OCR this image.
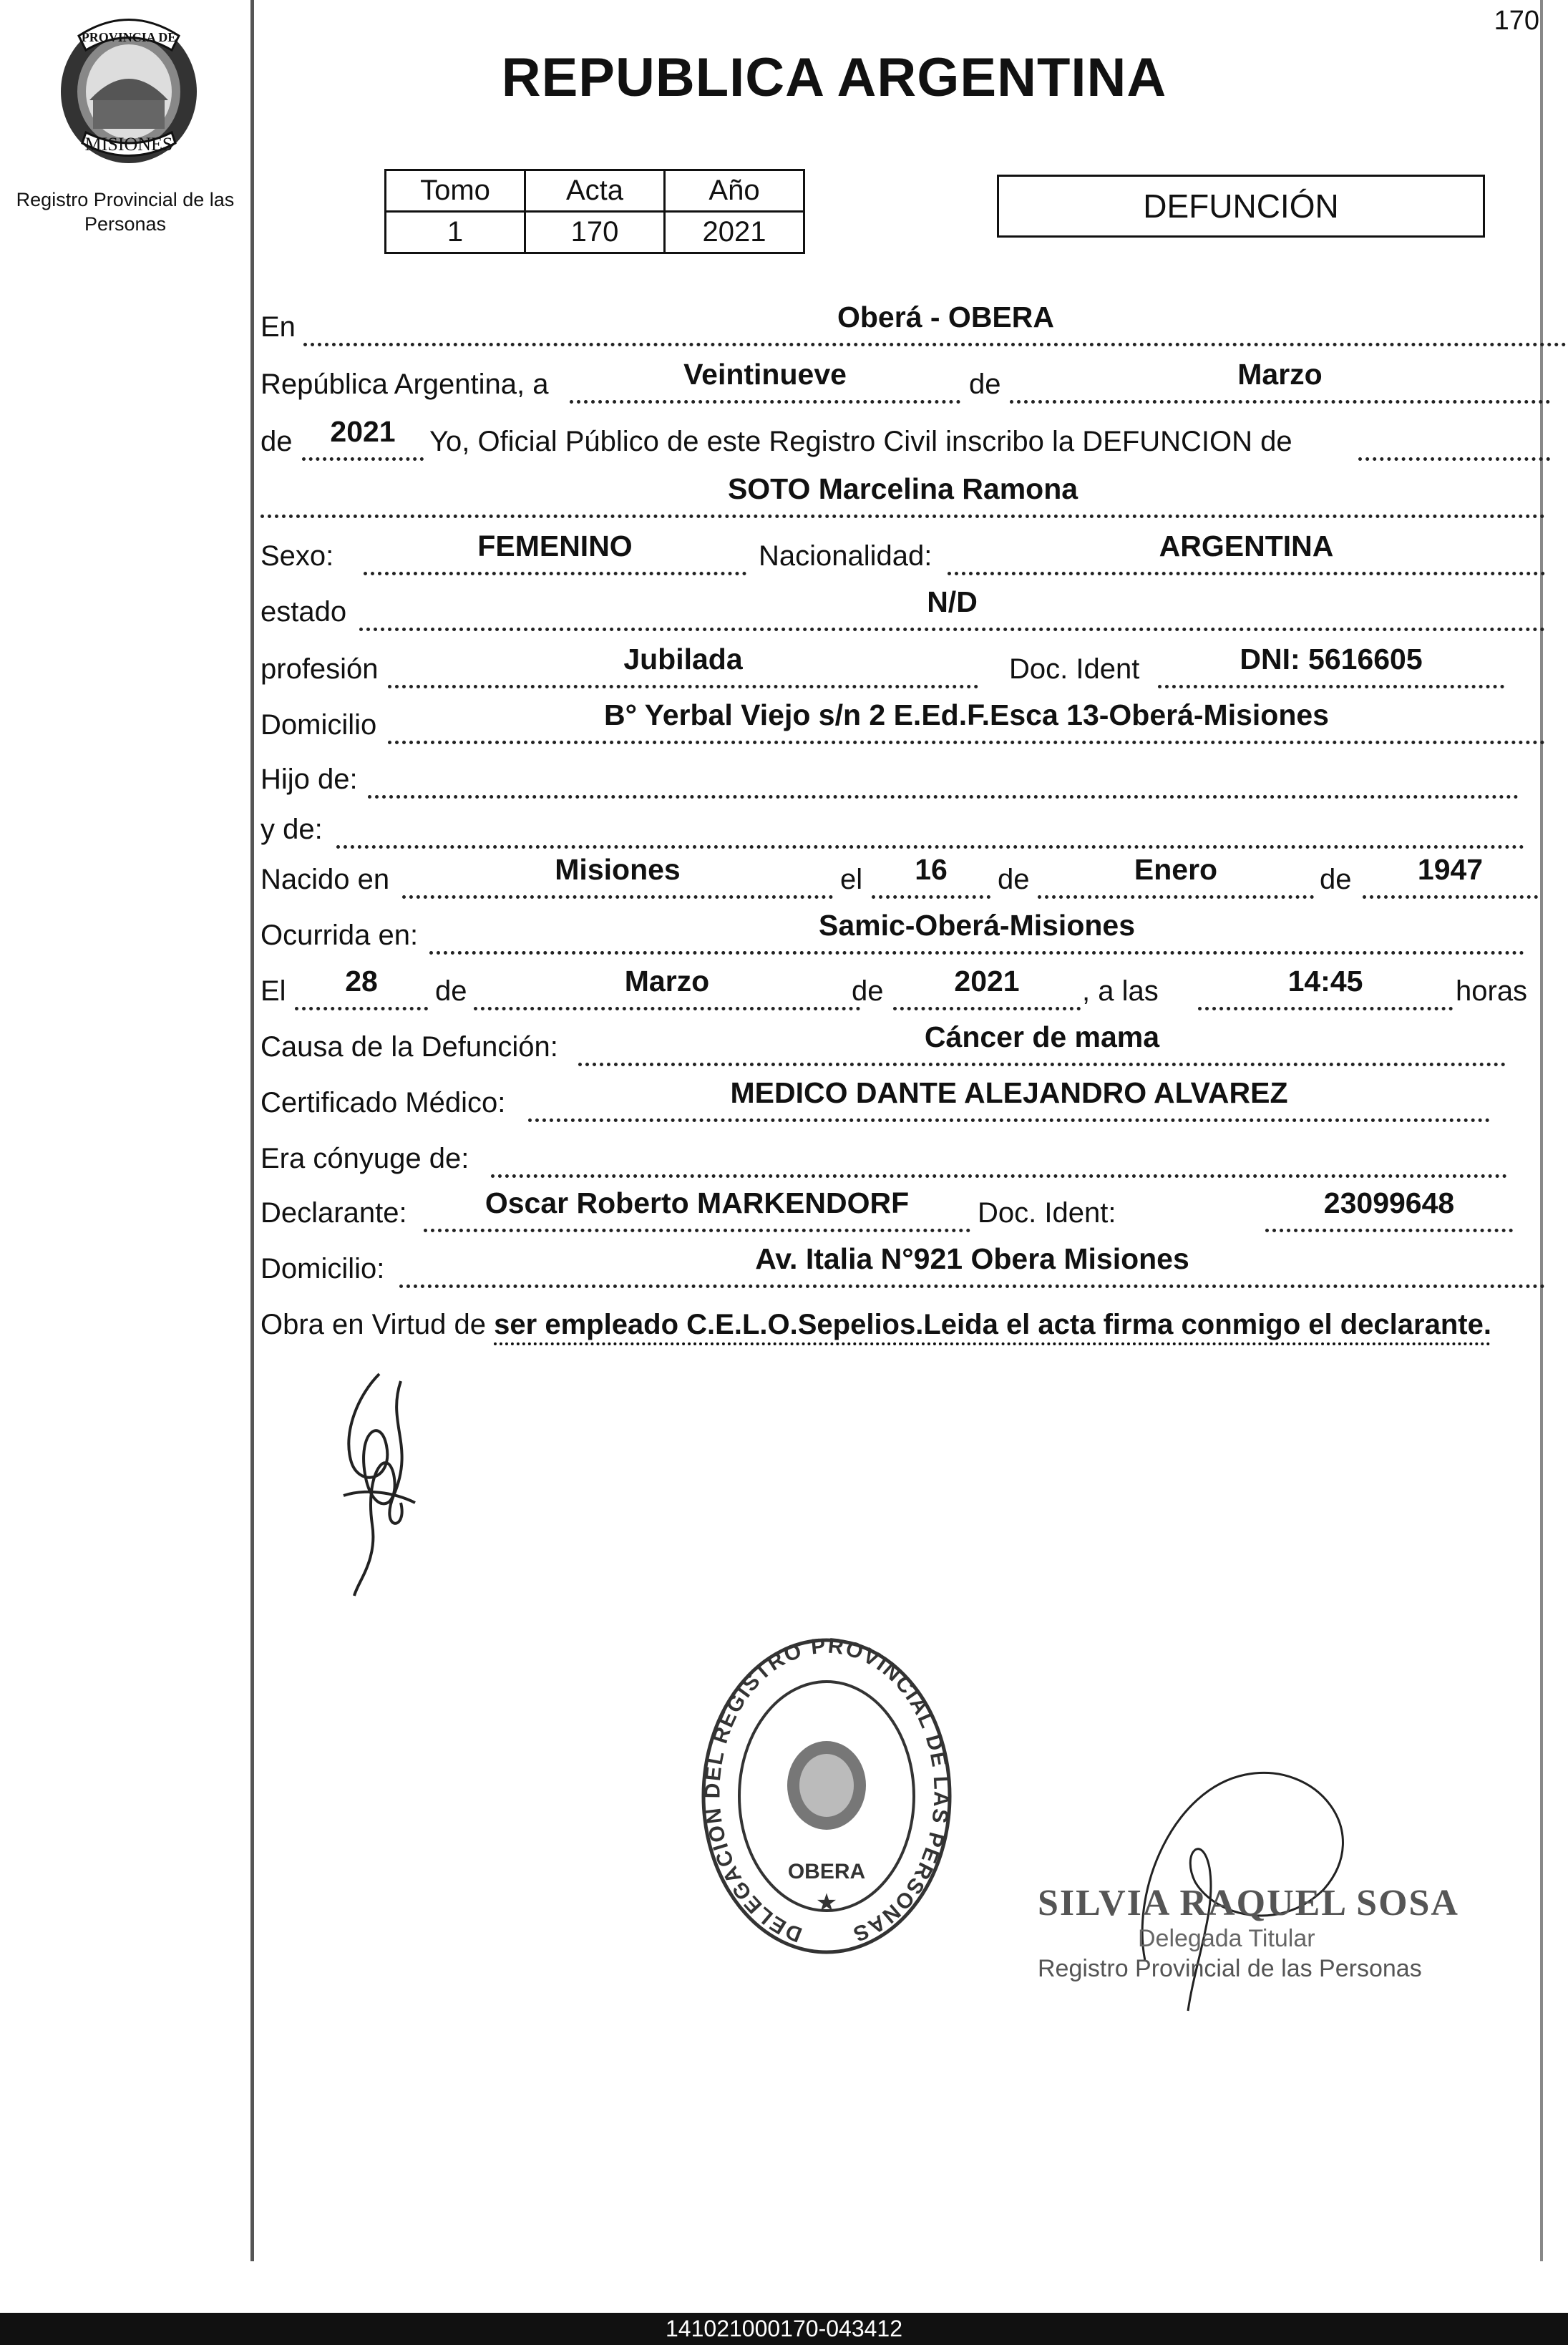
170
PROVINCIA DE
MISIONES
Registro Provincial de las Personas
REPUBLICA ARGENTINA
Tomo	Acta	Año
1	170	2021
DEFUNCIÓN
En	Oberá - OBERA
República Argentina, a	Veintinueve	de	Marzo
de	2021	Yo, Oficial Público de este Registro Civil inscribo la DEFUNCION de
SOTO Marcelina Ramona
Sexo:	FEMENINO	Nacionalidad:	ARGENTINA
estado	N/D
profesión	Jubilada	Doc. Ident	DNI: 5616605
Domicilio	B° Yerbal Viejo s/n 2 E.Ed.F.Esca 13-Oberá-Misiones
Hijo de:
y de:
Nacido en	Misiones	el	16	de	Enero	de	1947
Ocurrida en:	Samic-Oberá-Misiones
El	28	de	Marzo	de	2021	, a las	14:45	horas
Causa de la Defunción:	Cáncer de mama
Certificado Médico:	MEDICO DANTE ALEJANDRO ALVAREZ
Era cónyuge de:
Declarante:	Oscar Roberto MARKENDORF	Doc. Ident:	23099648
Domicilio:	Av. Italia N°921 Obera Misiones
Obra en Virtud de ser empleado C.E.L.O.Sepelios.Leida el acta firma conmigo el declarante.
DELEGACION DEL REGISTRO PROVINCIAL DE LAS PERSONAS
OBERA
★	SILVIA RAQUEL SOSA
Delegada Titular
Registro Provincial de las Personas
141021000170-043412
